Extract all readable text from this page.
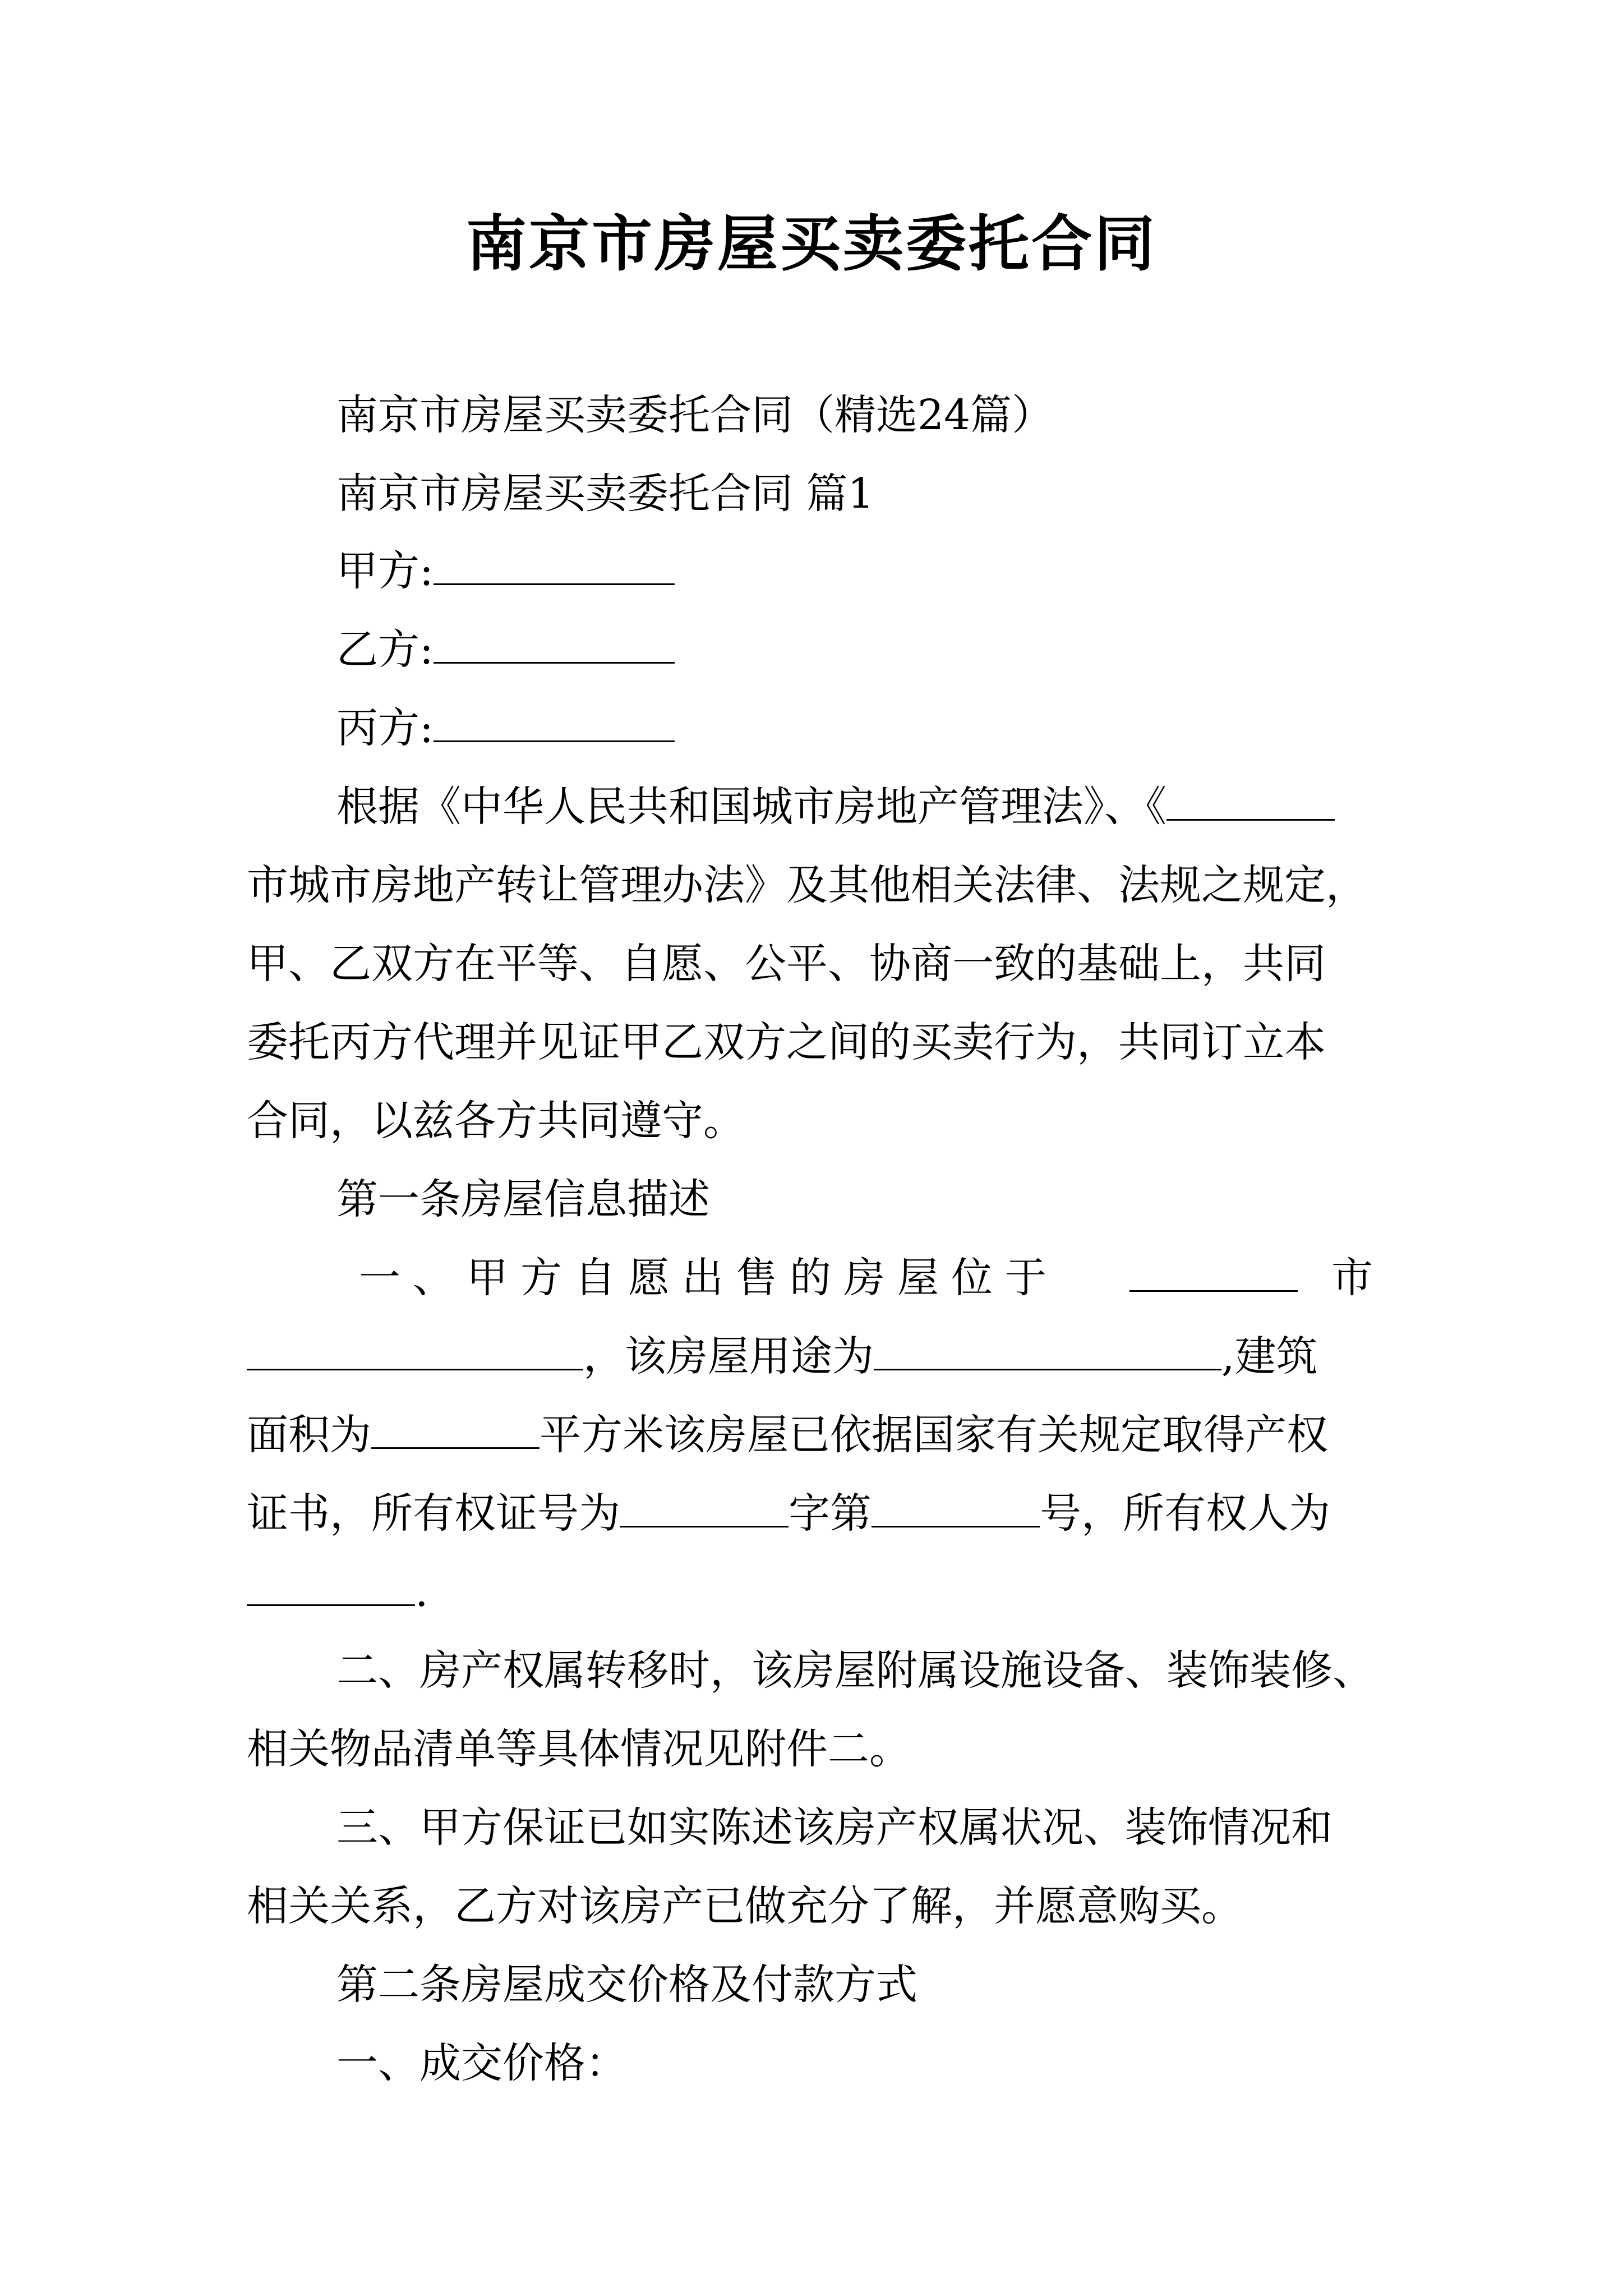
南京市房屋买卖委托合同
南京市房屋买卖委托合同（精选24篇）
南京市房屋买卖委托合同 篇1
甲方:
乙方:
丙方:
根据《中华人民共和国城市房地产管理法》、《
市城市房地产转让管理办法》及其他相关法律、法规之规定，
甲、乙双方在平等、自愿、公平、协商一致的基础上，共同
委托丙方代理并见证甲乙双方之间的买卖行为，共同订立本
合同，以兹各方共同遵守。
第一条房屋信息描述
一、甲方自愿出售的房屋位于	市
，该房屋用途为	,建筑
面积为	平方米该房屋已依据国家有关规定取得产权
证书，所有权证号为	字第	号，所有权人为
.
二、房产权属转移时，该房屋附属设施设备、装饰装修、
相关物品清单等具体情况见附件二。
三、甲方保证已如实陈述该房产权属状况、装饰情况和
相关关系，乙方对该房产已做充分了解，并愿意购买。
第二条房屋成交价格及付款方式
一、成交价格：
